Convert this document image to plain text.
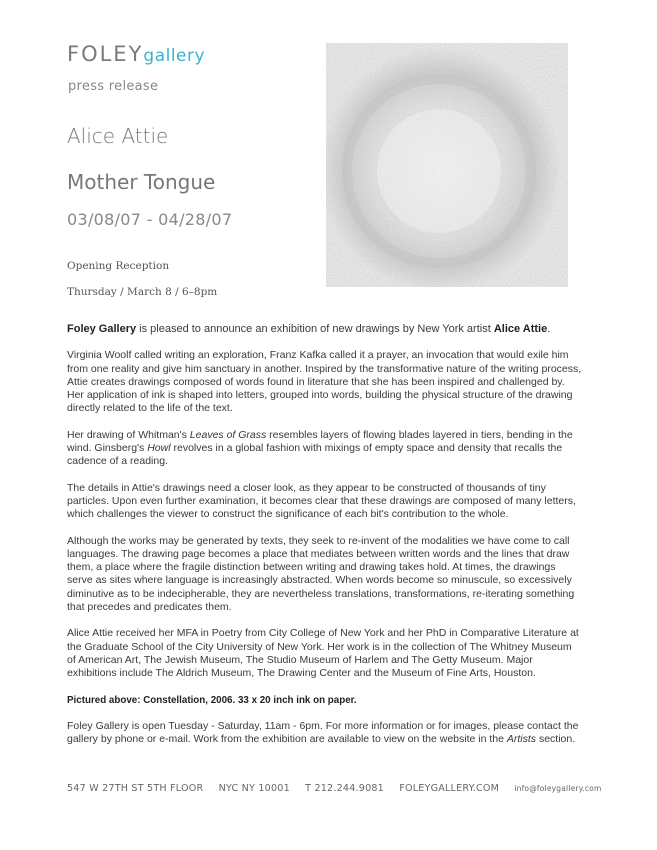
FOLEYgallery
press release
Alice Attie
Mother Tongue
03/08/07 - 04/28/07
Opening Reception
Thursday / March 8 / 6–8pm

Foley Gallery is pleased to announce an exhibition of new drawings by New York artist Alice Attie.

Virginia Woolf called writing an exploration, Franz Kafka called it a prayer, an invocation that would exile him from one reality and give him sanctuary in another. Inspired by the transformative nature of the writing process, Attie creates drawings composed of words found in literature that she has been inspired and challenged by. Her application of ink is shaped into letters, grouped into words, building the physical structure of the drawing directly related to the life of the text.

Her drawing of Whitman's Leaves of Grass resembles layers of flowing blades layered in tiers, bending in the wind. Ginsberg's Howl revolves in a global fashion with mixings of empty space and density that recalls the cadence of a reading.

The details in Attie's drawings need a closer look, as they appear to be constructed of thousands of tiny particles. Upon even further examination, it becomes clear that these drawings are composed of many letters, which challenges the viewer to construct the significance of each bit's contribution to the whole.

Although the works may be generated by texts, they seek to re-invent of the modalities we have come to call languages. The drawing page becomes a place that mediates between written words and the lines that draw them, a place where the fragile distinction between writing and drawing takes hold. At times, the drawings serve as sites where language is increasingly abstracted. When words become so minuscule, so excessively diminutive as to be indecipherable, they are nevertheless translations, transformations, re-iterating something that precedes and predicates them.

Alice Attie received her MFA in Poetry from City College of New York and her PhD in Comparative Literature at the Graduate School of the City University of New York. Her work is in the collection of The Whitney Museum of American Art, The Jewish Museum, The Studio Museum of Harlem and The Getty Museum. Major exhibitions include The Aldrich Museum, The Drawing Center and the Museum of Fine Arts, Houston.

Pictured above: Constellation, 2006. 33 x 20 inch ink on paper.

Foley Gallery is open Tuesday - Saturday, 11am - 6pm. For more information or for images, please contact the gallery by phone or e-mail. Work from the exhibition are available to view on the website in the Artists section.

547 W 27TH ST 5TH FLOOR NYC NY 10001 T 212.244.9081 FOLEYGALLERY.COM info@foleygallery.com
